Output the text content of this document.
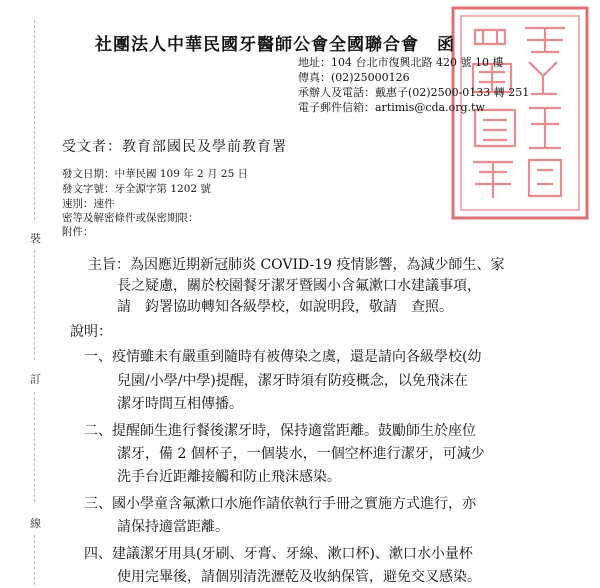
社團法人中華民國牙醫師公會全國聯合會　函
地址：104 台北市復興北路 420 號 10 樓
傳真：(02)25000126
承辦人及電話：戴惠子(02)2500-0133 轉 251
電子郵件信箱：artimis@cda.org.tw
受文者：教育部國民及學前教育署
發文日期：中華民國 109 年 2 月 25 日
發文字號：牙全源字第 1202 號
速別：速件
密等及解密條件或保密期限：
附件：
裝
訂
線
主旨：為因應近期新冠肺炎 COVID-19 疫情影響，為減少師生、家
長之疑慮，關於校園餐牙潔牙暨國小含氟漱口水建議事項，
請　鈞署協助轉知各級學校，如說明段，敬請　查照。
說明：
一、疫情雖未有嚴重到隨時有被傳染之虞，還是請向各級學校(幼
兒園/小學/中學)提醒，潔牙時須有防疫概念，以免飛沫在
潔牙時間互相傳播。
二、提醒師生進行餐後潔牙時，保持適當距離。鼓勵師生於座位
潔牙，備 2 個杯子，一個裝水，一個空杯進行潔牙，可減少
洗手台近距離接觸和防止飛沫感染。
三、國小學童含氟漱口水施作請依執行手冊之實施方式進行，亦
請保持適當距離。
四、建議潔牙用具(牙刷、牙膏、牙線、漱口杯)、漱口水小量杯
使用完畢後，請個別清洗瀝乾及收納保管，避免交叉感染。
